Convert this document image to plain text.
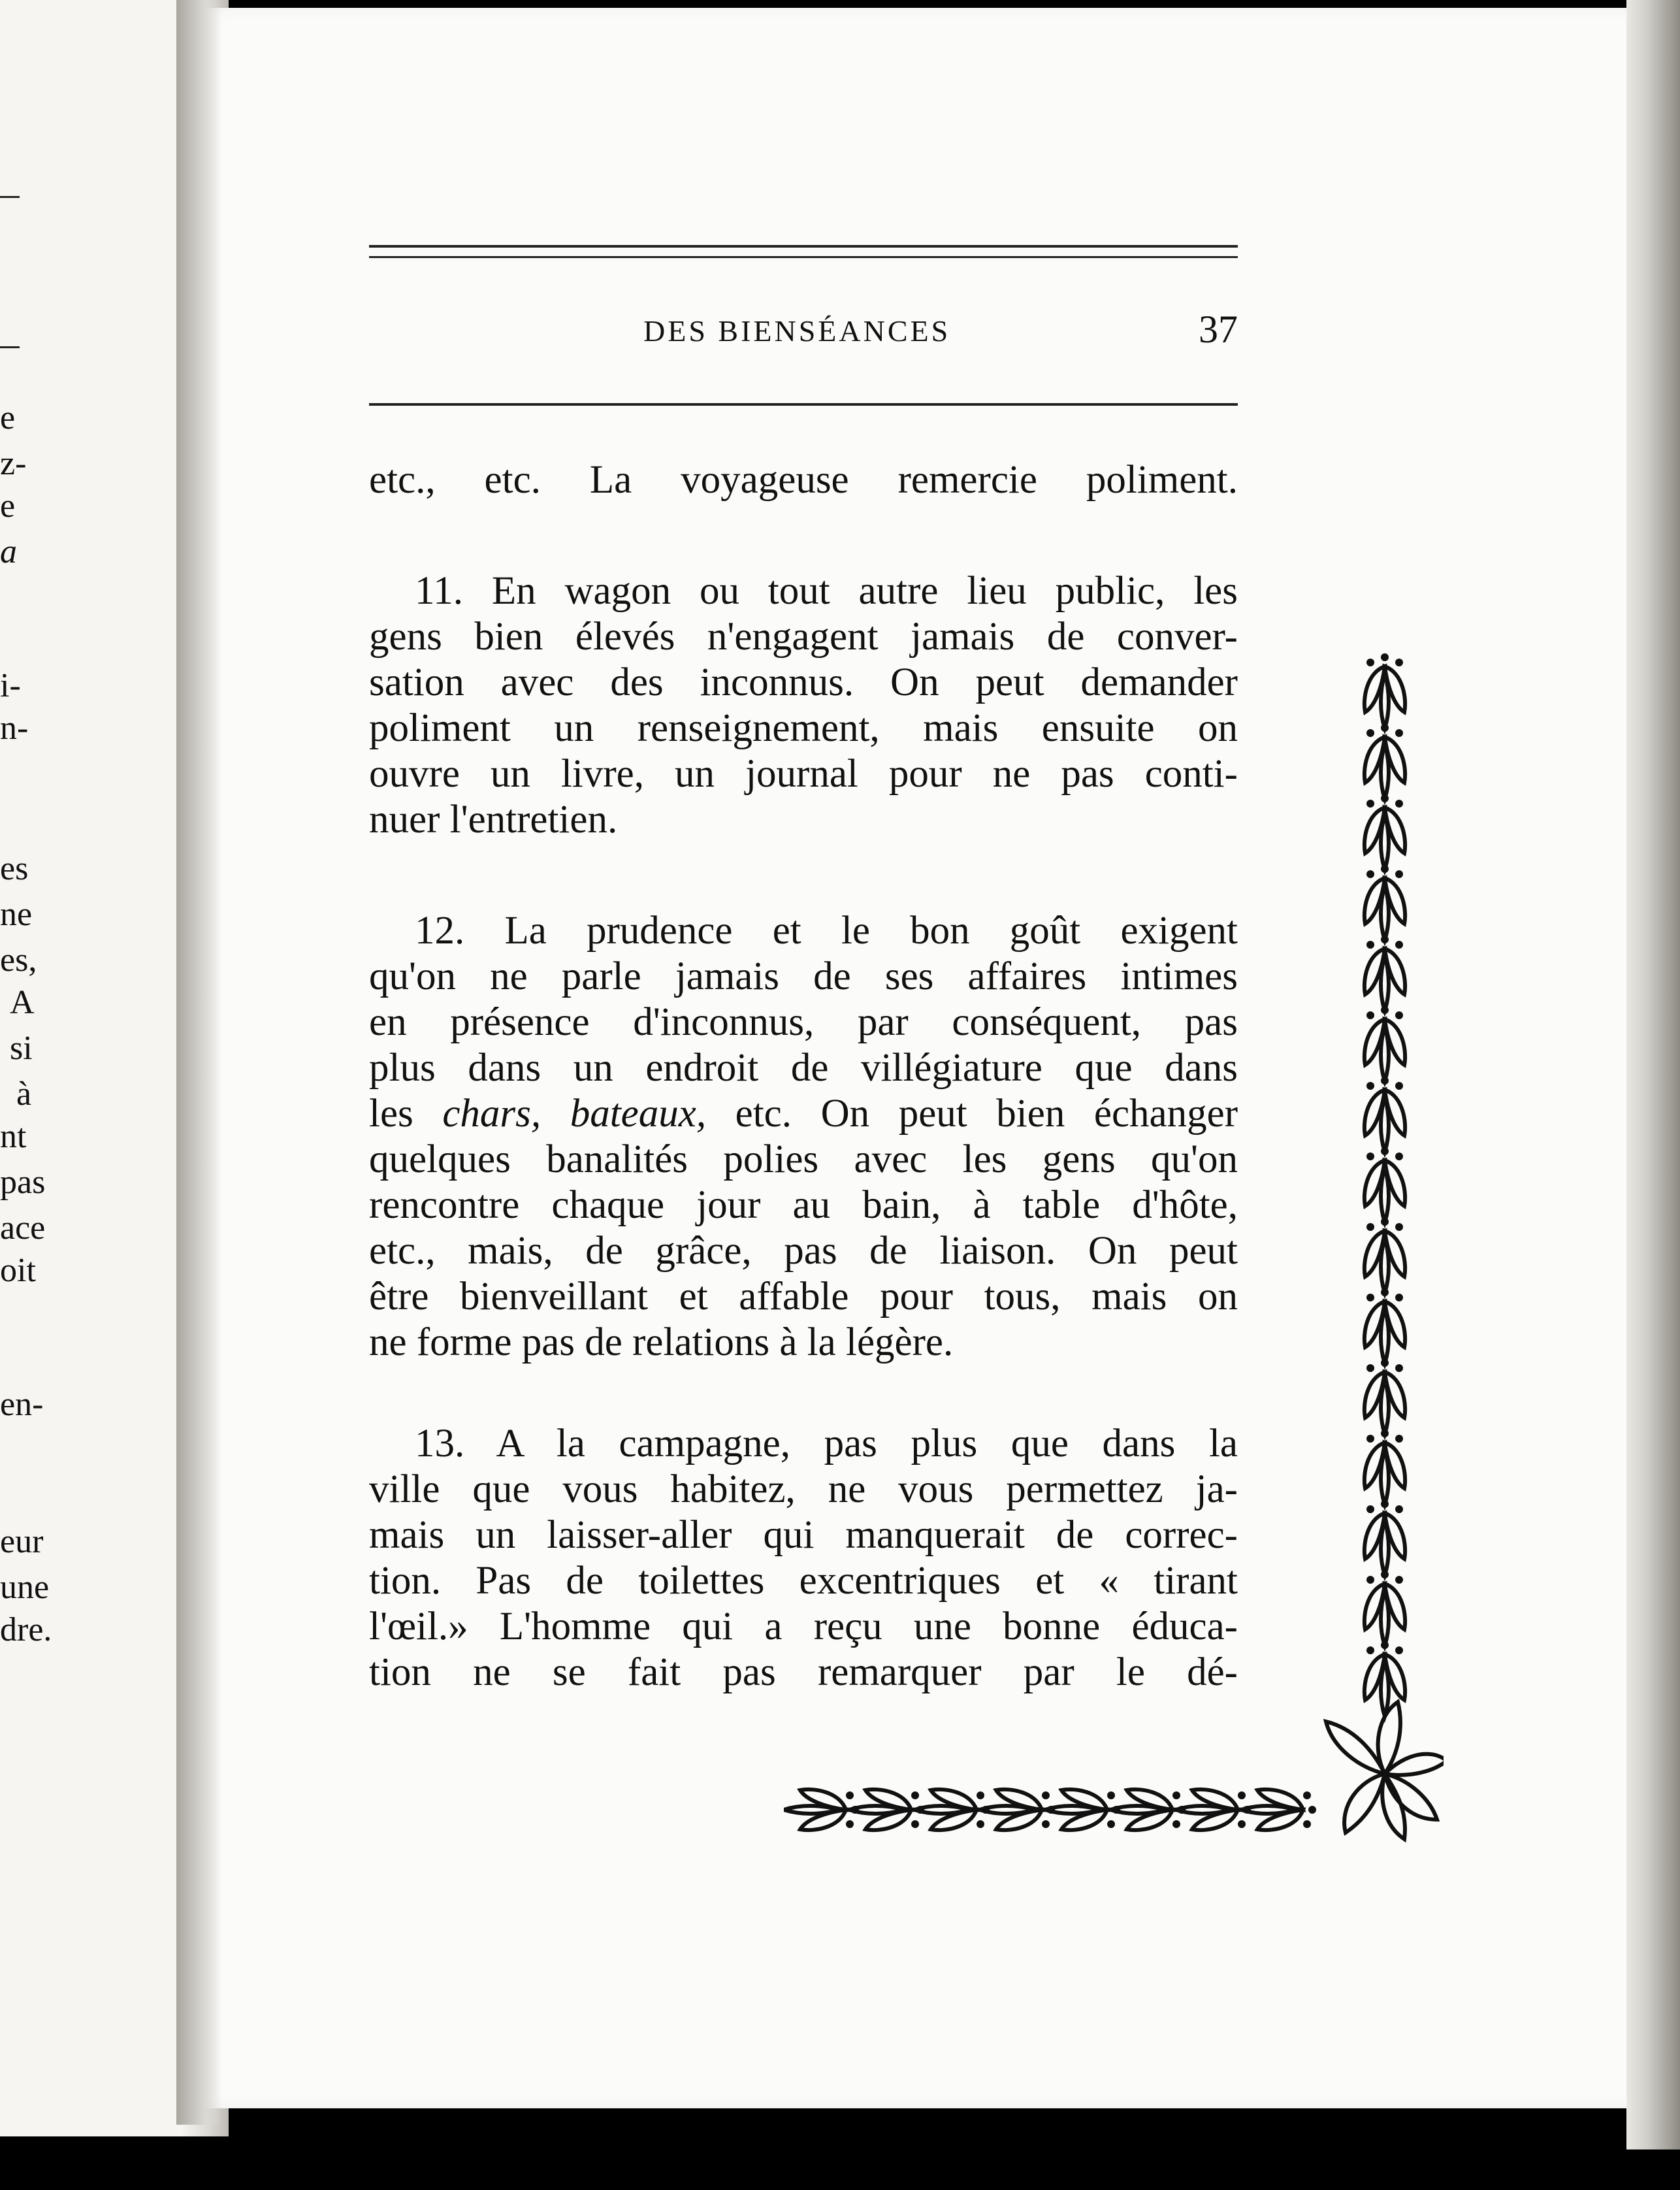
e
z-
e
a
i-
n-
es
ne
es,
A
si
à
nt
pas
ace
oit
en-
eur
une
dre.
DES BIENSÉANCES	37
etc., etc. La voyageuse remercie poliment.
11. En wagon ou tout autre lieu public, les
gens bien élevés n'engagent jamais de conver-
sation avec des inconnus. On peut demander
poliment un renseignement, mais ensuite on
ouvre un livre, un journal pour ne pas conti-
nuer l'entretien.
12. La prudence et le bon goût exigent
qu'on ne parle jamais de ses affaires intimes
en présence d'inconnus, par conséquent, pas
plus dans un endroit de villégiature que dans
les chars, bateaux, etc. On peut bien échanger
quelques banalités polies avec les gens qu'on
rencontre chaque jour au bain, à table d'hôte,
etc., mais, de grâce, pas de liaison. On peut
être bienveillant et affable pour tous, mais on
ne forme pas de relations à la légère.
13. A la campagne, pas plus que dans la
ville que vous habitez, ne vous permettez ja-
mais un laisser-aller qui manquerait de correc-
tion. Pas de toilettes excentriques et « tirant
l'œil.» L'homme qui a reçu une bonne éduca-
tion ne se fait pas remarquer par le dé-
